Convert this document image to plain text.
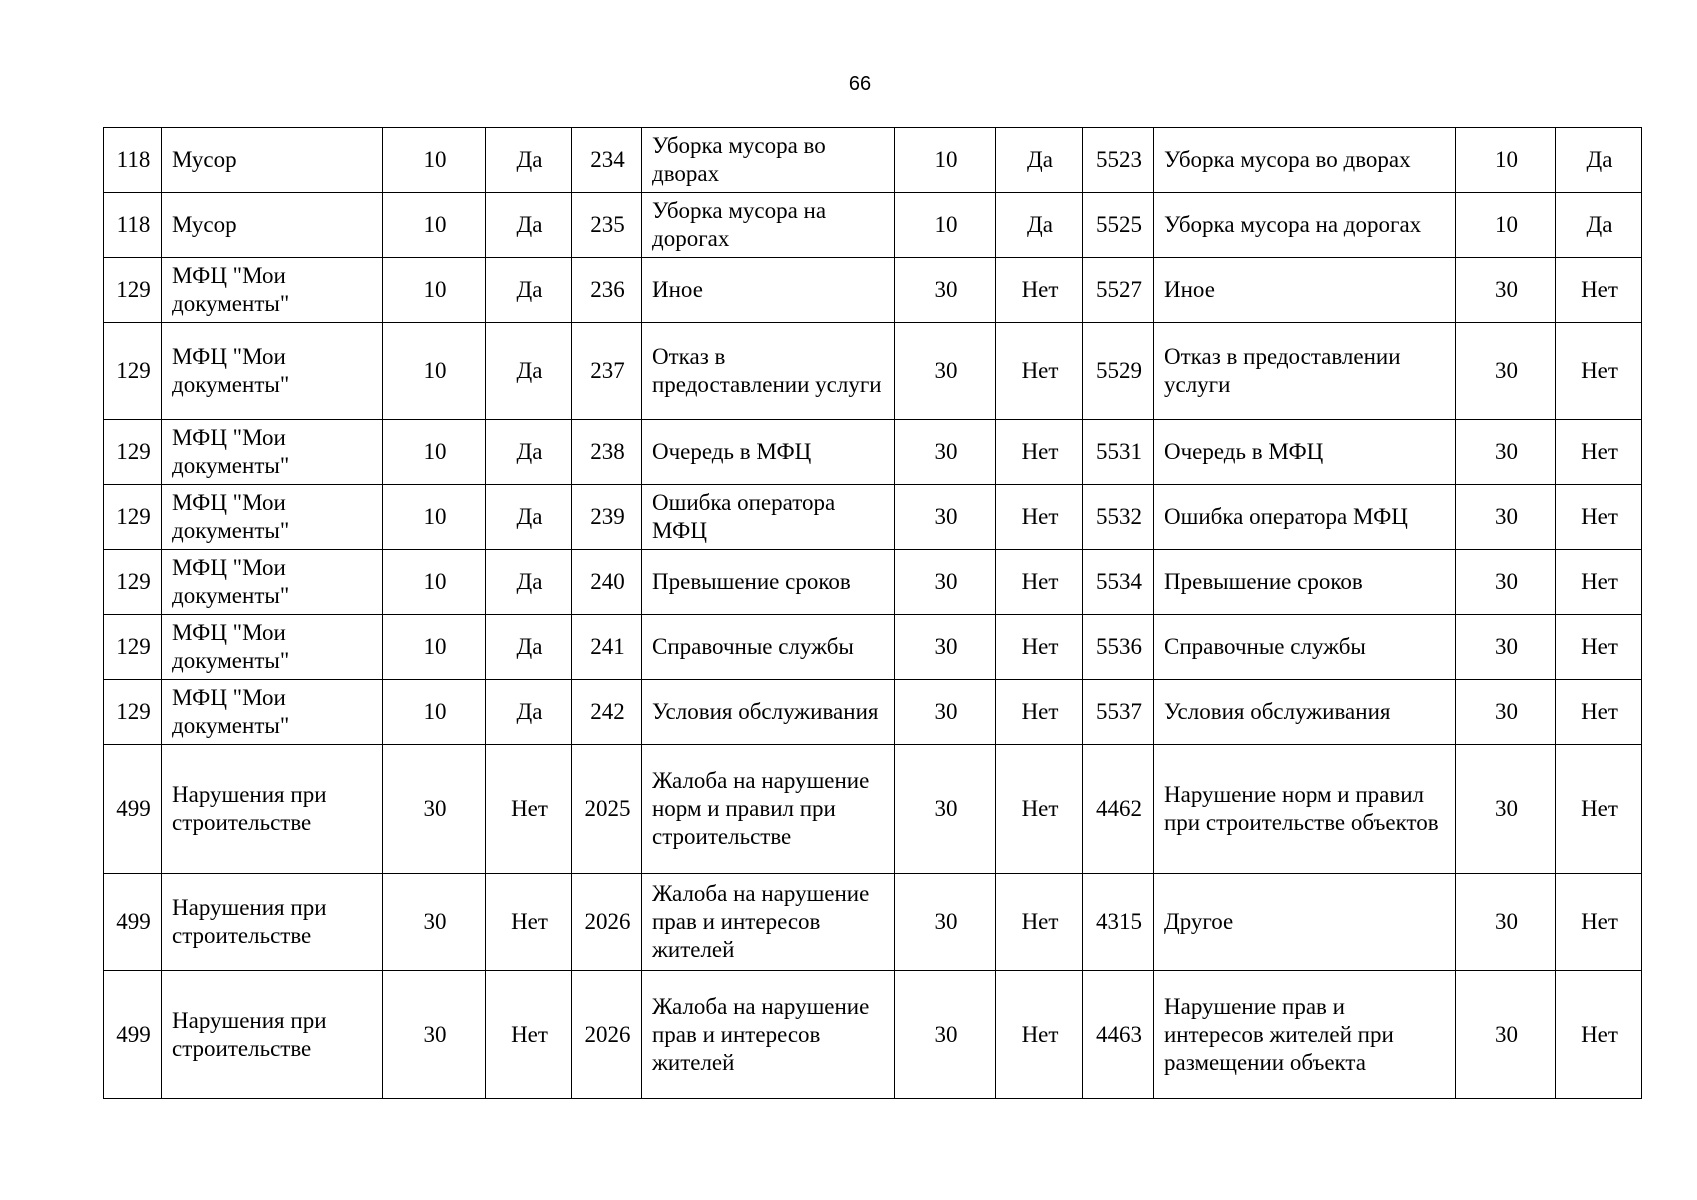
66
118	Мусор	10	Да	234	Уборка мусора во дворах	10	Да	5523	Уборка мусора во дворах	10	Да
118	Мусор	10	Да	235	Уборка мусора на дорогах	10	Да	5525	Уборка мусора на дорогах	10	Да
129	МФЦ "Мои документы"	10	Да	236	Иное	30	Нет	5527	Иное	30	Нет
129	МФЦ "Мои документы"	10	Да	237	Отказ в предоставлении услуги	30	Нет	5529	Отказ в предоставлении услуги	30	Нет
129	МФЦ "Мои документы"	10	Да	238	Очередь в МФЦ	30	Нет	5531	Очередь в МФЦ	30	Нет
129	МФЦ "Мои документы"	10	Да	239	Ошибка оператора МФЦ	30	Нет	5532	Ошибка оператора МФЦ	30	Нет
129	МФЦ "Мои документы"	10	Да	240	Превышение сроков	30	Нет	5534	Превышение сроков	30	Нет
129	МФЦ "Мои документы"	10	Да	241	Справочные службы	30	Нет	5536	Справочные службы	30	Нет
129	МФЦ "Мои документы"	10	Да	242	Условия обслуживания	30	Нет	5537	Условия обслуживания	30	Нет
499	Нарушения при строительстве	30	Нет	2025	Жалоба на нарушение норм и правил при строительстве	30	Нет	4462	Нарушение норм и правил при строительстве объектов	30	Нет
499	Нарушения при строительстве	30	Нет	2026	Жалоба на нарушение прав и интересов жителей	30	Нет	4315	Другое	30	Нет
499	Нарушения при строительстве	30	Нет	2026	Жалоба на нарушение прав и интересов жителей	30	Нет	4463	Нарушение прав и интересов жителей при размещении объекта	30	Нет
